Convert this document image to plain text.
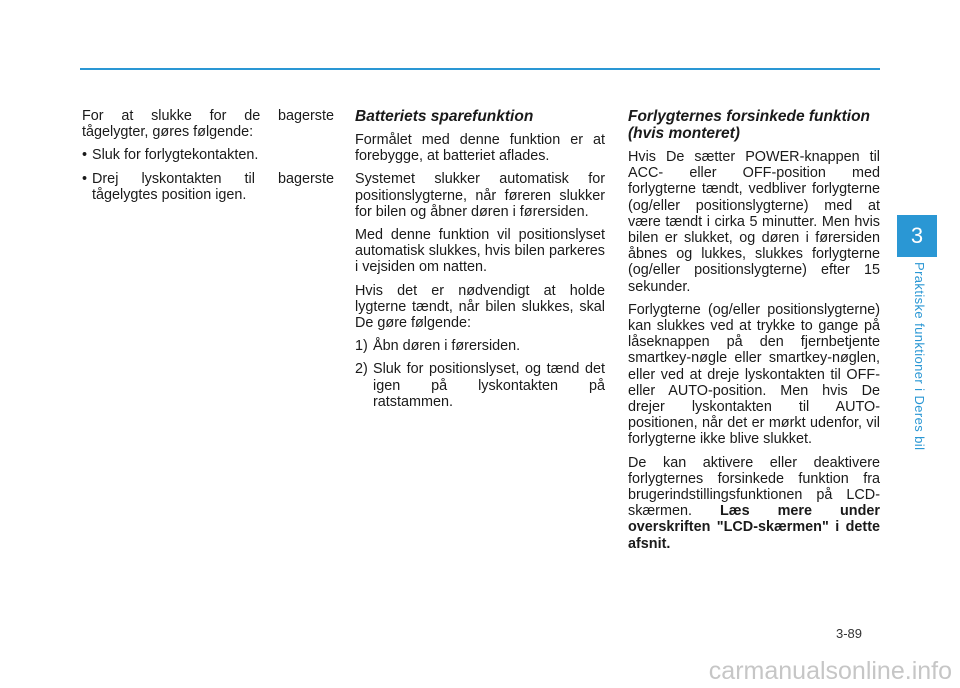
For at slukke for de bagerste tågelygter, gøres følgende:

• Sluk for forlygtekontakten.
• Drej lyskontakten til bagerste tågelygtes position igen.
Batteriets sparefunktion

Formålet med denne funktion er at forebygge, at batteriet aflades.

Systemet slukker automatisk for positionslygterne, når føreren slukker for bilen og åbner døren i førersiden.

Med denne funktion vil positionslyset automatisk slukkes, hvis bilen parkeres i vejsiden om natten.

Hvis det er nødvendigt at holde lygterne tændt, når bilen slukkes, skal De gøre følgende:

1) Åbn døren i førersiden.
2) Sluk for positionslyset, og tænd det igen på lyskontakten på ratstammen.
Forlygternes forsinkede funktion (hvis monteret)

Hvis De sætter POWER-knappen til ACC- eller OFF-position med forlygterne tændt, vedbliver forlygterne (og/eller positionslygterne) med at være tændt i cirka 5 minutter. Men hvis bilen er slukket, og døren i førersiden åbnes og lukkes, slukkes forlygterne (og/eller positionslygterne) efter 15 sekunder.

Forlygterne (og/eller positionslygterne) kan slukkes ved at trykke to gange på låseknappen på den fjernbetjente smartkey-nøgle eller smartkey-nøglen, eller ved at dreje lyskontakten til OFF- eller AUTO-position. Men hvis De drejer lyskontakten til AUTO-positionen, når det er mørkt udenfor, vil forlygterne ikke blive slukket.

De kan aktivere eller deaktivere forlygternes forsinkede funktion fra brugerindstillingsfunktionen på LCD-skærmen. Læs mere under overskriften "LCD-skærmen" i dette afsnit.

3
Praktiske funktioner i Deres bil
3-89
carmanualsonline.info
